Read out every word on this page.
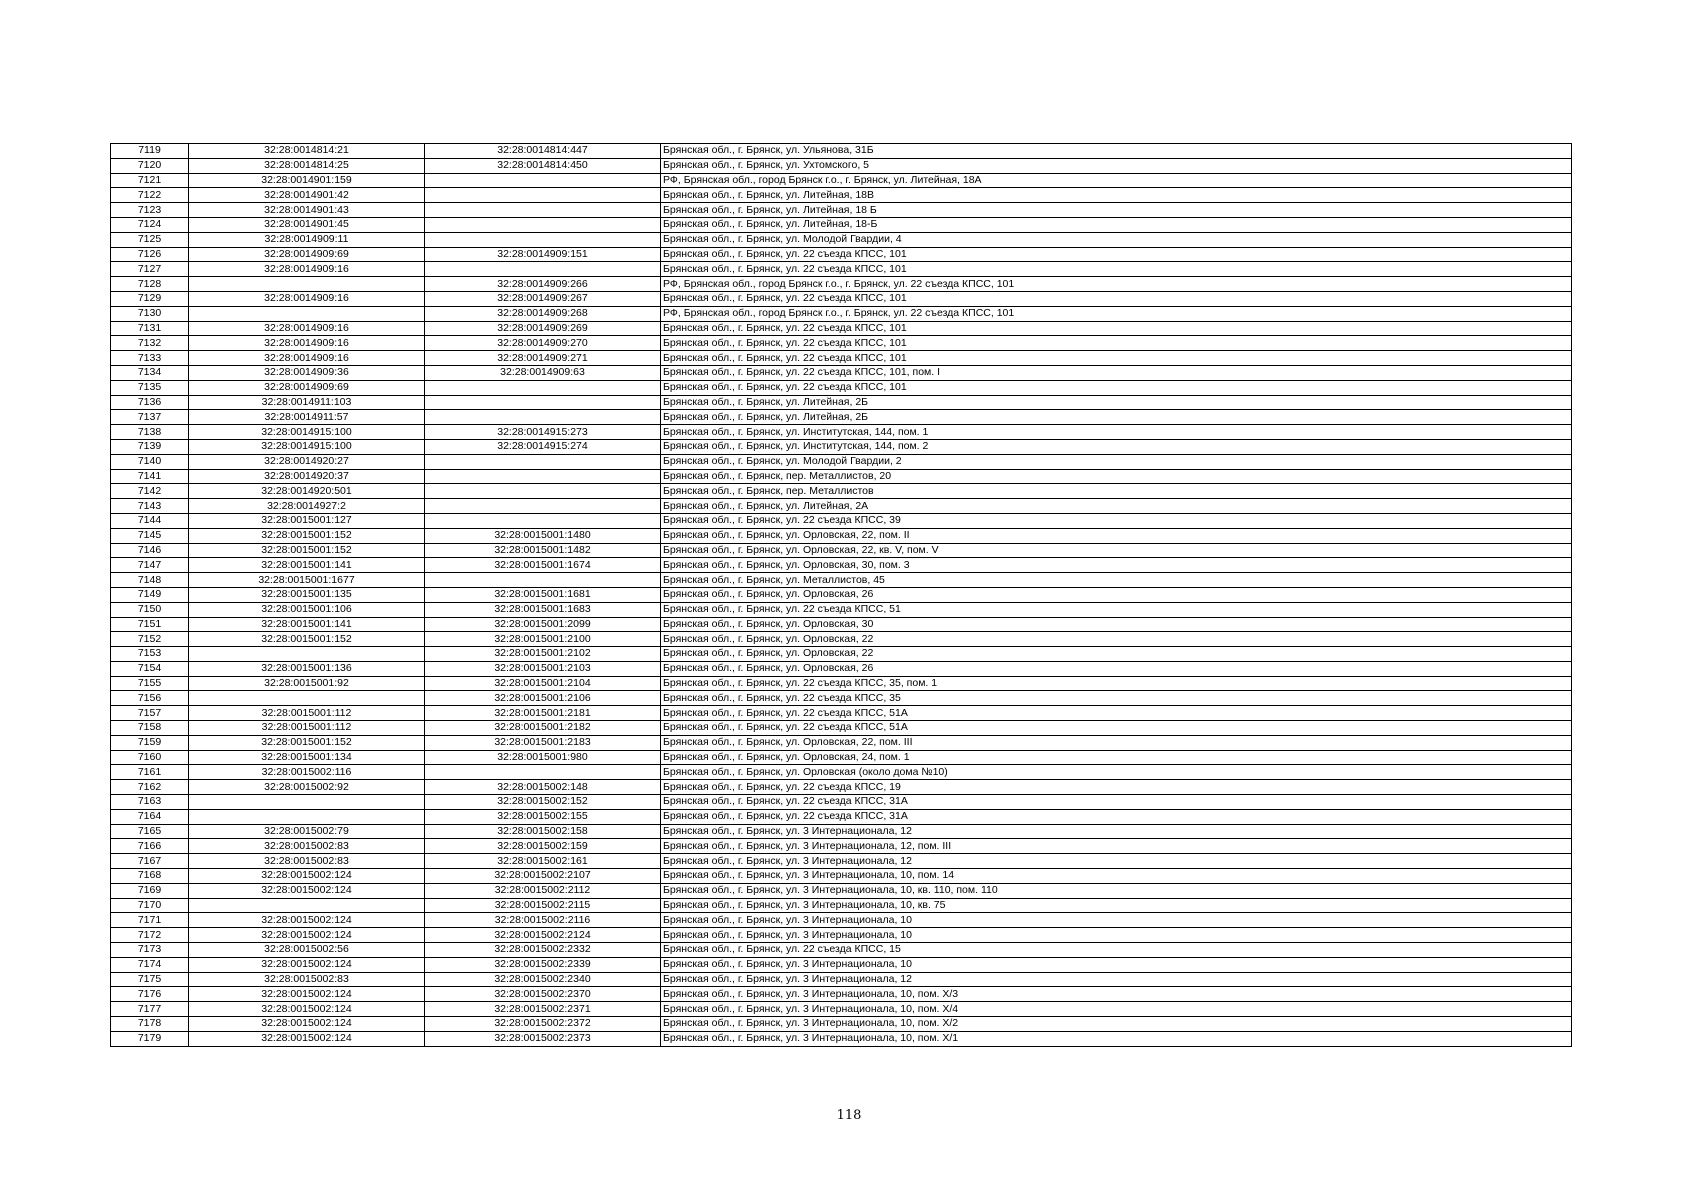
7119	32:28:0014814:21	32:28:0014814:447	Брянская обл., г. Брянск, ул. Ульянова, 31Б
7120	32:28:0014814:25	32:28:0014814:450	Брянская обл., г. Брянск, ул. Ухтомского, 5
7121	32:28:0014901:159		РФ, Брянская обл., город Брянск г.о., г. Брянск, ул. Литейная, 18А
7122	32:28:0014901:42		Брянская обл., г. Брянск, ул. Литейная, 18В
7123	32:28:0014901:43		Брянская обл., г. Брянск, ул. Литейная, 18 Б
7124	32:28:0014901:45		Брянская обл., г. Брянск, ул. Литейная, 18-Б
7125	32:28:0014909:11		Брянская обл., г. Брянск, ул. Молодой Гвардии, 4
7126	32:28:0014909:69	32:28:0014909:151	Брянская обл., г. Брянск, ул. 22 съезда КПСС, 101
7127	32:28:0014909:16		Брянская обл., г. Брянск, ул. 22 съезда КПСС, 101
7128		32:28:0014909:266	РФ, Брянская обл., город Брянск г.о., г. Брянск, ул. 22 съезда КПСС, 101
7129	32:28:0014909:16	32:28:0014909:267	Брянская обл., г. Брянск, ул. 22 съезда КПСС, 101
7130		32:28:0014909:268	РФ, Брянская обл., город Брянск г.о., г. Брянск, ул. 22 съезда КПСС, 101
7131	32:28:0014909:16	32:28:0014909:269	Брянская обл., г. Брянск, ул. 22 съезда КПСС, 101
7132	32:28:0014909:16	32:28:0014909:270	Брянская обл., г. Брянск, ул. 22 съезда КПСС, 101
7133	32:28:0014909:16	32:28:0014909:271	Брянская обл., г. Брянск, ул. 22 съезда КПСС, 101
7134	32:28:0014909:36	32:28:0014909:63	Брянская обл., г. Брянск, ул. 22 съезда КПСС, 101, пом. I
7135	32:28:0014909:69		Брянская обл., г. Брянск, ул. 22 съезда КПСС, 101
7136	32:28:0014911:103		Брянская обл., г. Брянск, ул. Литейная, 2Б
7137	32:28:0014911:57		Брянская обл., г. Брянск, ул. Литейная, 2Б
7138	32:28:0014915:100	32:28:0014915:273	Брянская обл., г. Брянск, ул. Институтская, 144, пом. 1
7139	32:28:0014915:100	32:28:0014915:274	Брянская обл., г. Брянск, ул. Институтская, 144, пом. 2
7140	32:28:0014920:27		Брянская обл., г. Брянск, ул. Молодой Гвардии, 2
7141	32:28:0014920:37		Брянская обл., г. Брянск, пер. Металлистов, 20
7142	32:28:0014920:501		Брянская обл., г. Брянск, пер. Металлистов
7143	32:28:0014927:2		Брянская обл., г. Брянск, ул. Литейная, 2А
7144	32:28:0015001:127		Брянская обл., г. Брянск, ул. 22 съезда КПСС, 39
7145	32:28:0015001:152	32:28:0015001:1480	Брянская обл., г. Брянск, ул. Орловская, 22, пом. II
7146	32:28:0015001:152	32:28:0015001:1482	Брянская обл., г. Брянск, ул. Орловская, 22, кв. V, пом. V
7147	32:28:0015001:141	32:28:0015001:1674	Брянская обл., г. Брянск, ул. Орловская, 30, пом. 3
7148	32:28:0015001:1677		Брянская обл., г. Брянск, ул. Металлистов, 45
7149	32:28:0015001:135	32:28:0015001:1681	Брянская обл., г. Брянск, ул. Орловская, 26
7150	32:28:0015001:106	32:28:0015001:1683	Брянская обл., г. Брянск, ул. 22 съезда КПСС, 51
7151	32:28:0015001:141	32:28:0015001:2099	Брянская обл., г. Брянск, ул. Орловская, 30
7152	32:28:0015001:152	32:28:0015001:2100	Брянская обл., г. Брянск, ул. Орловская, 22
7153		32:28:0015001:2102	Брянская обл., г. Брянск, ул. Орловская, 22
7154	32:28:0015001:136	32:28:0015001:2103	Брянская обл., г. Брянск, ул. Орловская, 26
7155	32:28:0015001:92	32:28:0015001:2104	Брянская обл., г. Брянск, ул. 22 съезда КПСС, 35, пом. 1
7156		32:28:0015001:2106	Брянская обл., г. Брянск, ул. 22 съезда КПСС, 35
7157	32:28:0015001:112	32:28:0015001:2181	Брянская обл., г. Брянск, ул. 22 съезда КПСС, 51А
7158	32:28:0015001:112	32:28:0015001:2182	Брянская обл., г. Брянск, ул. 22 съезда КПСС, 51А
7159	32:28:0015001:152	32:28:0015001:2183	Брянская обл., г. Брянск, ул. Орловская, 22, пом. III
7160	32:28:0015001:134	32:28:0015001:980	Брянская обл., г. Брянск, ул. Орловская, 24, пом. 1
7161	32:28:0015002:116		Брянская обл., г. Брянск, ул. Орловская (около дома №10)
7162	32:28:0015002:92	32:28:0015002:148	Брянская обл., г. Брянск, ул. 22 съезда КПСС, 19
7163		32:28:0015002:152	Брянская обл., г. Брянск, ул. 22 съезда КПСС, 31А
7164		32:28:0015002:155	Брянская обл., г. Брянск, ул. 22 съезда КПСС, 31А
7165	32:28:0015002:79	32:28:0015002:158	Брянская обл., г. Брянск, ул. 3 Интернационала, 12
7166	32:28:0015002:83	32:28:0015002:159	Брянская обл., г. Брянск, ул. 3 Интернационала, 12, пом. III
7167	32:28:0015002:83	32:28:0015002:161	Брянская обл., г. Брянск, ул. 3 Интернационала, 12
7168	32:28:0015002:124	32:28:0015002:2107	Брянская обл., г. Брянск, ул. 3 Интернационала, 10, пом. 14
7169	32:28:0015002:124	32:28:0015002:2112	Брянская обл., г. Брянск, ул. 3 Интернационала, 10, кв. 110, пом. 110
7170		32:28:0015002:2115	Брянская обл., г. Брянск, ул. 3 Интернационала, 10, кв. 75
7171	32:28:0015002:124	32:28:0015002:2116	Брянская обл., г. Брянск, ул. 3 Интернационала, 10
7172	32:28:0015002:124	32:28:0015002:2124	Брянская обл., г. Брянск, ул. 3 Интернационала, 10
7173	32:28:0015002:56	32:28:0015002:2332	Брянская обл., г. Брянск, ул. 22 съезда КПСС, 15
7174	32:28:0015002:124	32:28:0015002:2339	Брянская обл., г. Брянск, ул. 3 Интернационала, 10
7175	32:28:0015002:83	32:28:0015002:2340	Брянская обл., г. Брянск, ул. 3 Интернационала, 12
7176	32:28:0015002:124	32:28:0015002:2370	Брянская обл., г. Брянск, ул. 3 Интернационала, 10, пом. Х/3
7177	32:28:0015002:124	32:28:0015002:2371	Брянская обл., г. Брянск, ул. 3 Интернационала, 10, пом. Х/4
7178	32:28:0015002:124	32:28:0015002:2372	Брянская обл., г. Брянск, ул. 3 Интернационала, 10, пом. Х/2
7179	32:28:0015002:124	32:28:0015002:2373	Брянская обл., г. Брянск, ул. 3 Интернационала, 10, пом. Х/1
118
